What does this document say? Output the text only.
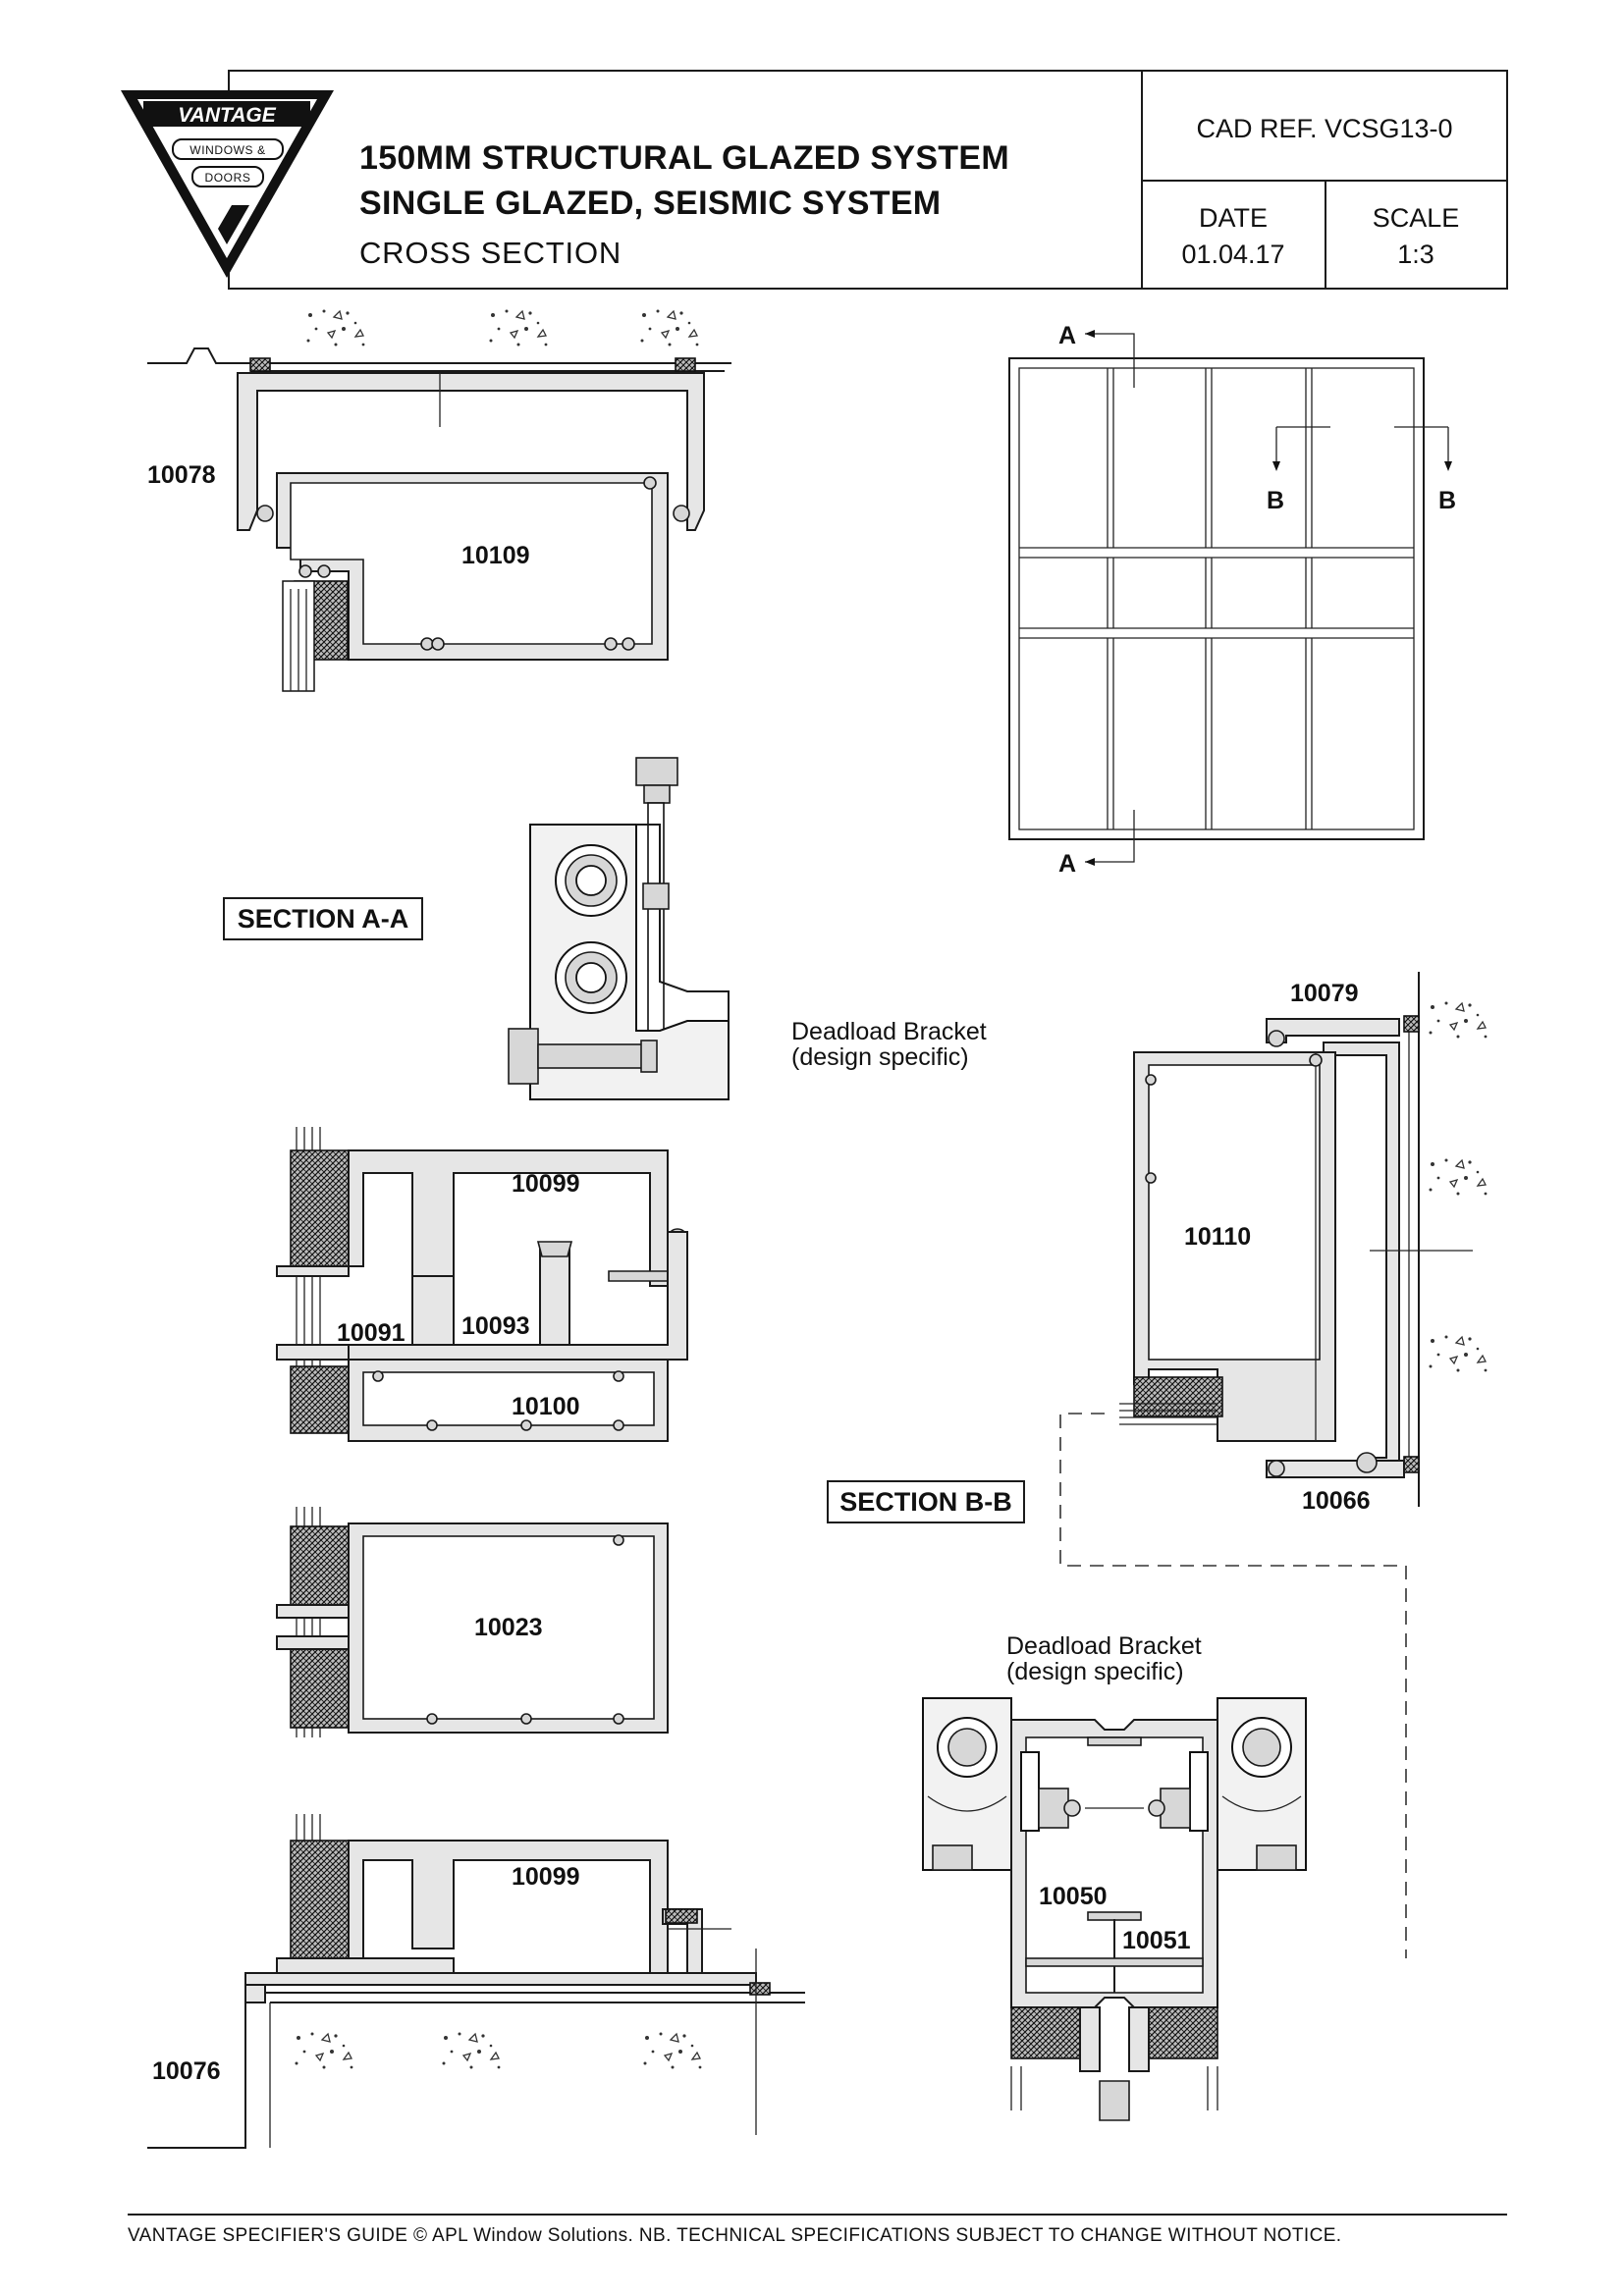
VANTAGE
WINDOWS &
DOORS
150MM STRUCTURAL GLAZED SYSTEM
SINGLE GLAZED, SEISMIC SYSTEM
CROSS SECTION
CAD REF. VCSG13-0
DATE
01.04.17
SCALE
1:3
10078
10109
A
A
B	B
SECTION A-A
Deadload Bracket
(design specific)
10099
10091 10093
10100
10023
10099
10076
10079
10110
10066
SECTION B-B
Deadload Bracket
(design specific)
10050
10051
VANTAGE SPECIFIER'S GUIDE © APL Window Solutions. NB. TECHNICAL SPECIFICATIONS SUBJECT TO CHANGE WITHOUT NOTICE.
